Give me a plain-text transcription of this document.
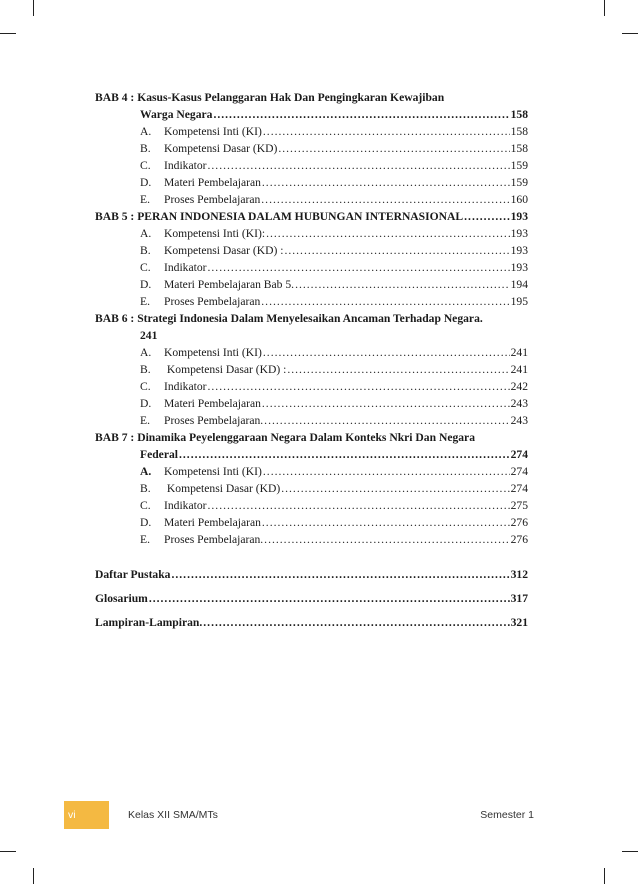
BAB 4 : Kasus-Kasus Pelanggaran Hak Dan Pengingkaran Kewajiban
Warga Negara .....	158
A. Kompetensi Inti (KI) .....	158
B. Kompetensi Dasar (KD) .....	158
C. Indikator .....	159
D. Materi Pembelajaran .....	159
E. Proses Pembelajaran .....	160
BAB 5 : PERAN INDONESIA DALAM HUBUNGAN INTERNASIONAL .....	193
A. Kompetensi Inti (KI): .....	193
B. Kompetensi Dasar (KD) : .....	193
C. Indikator .....	193
D. Materi Pembelajaran Bab 5. .....	194
E. Proses Pembelajaran .....	195
BAB 6 : Strategi Indonesia Dalam Menyelesaikan Ancaman Terhadap Negara.
241
A. Kompetensi Inti (KI) .....	241
B. Kompetensi Dasar (KD) : .....	241
C. Indikator .....	242
D. Materi Pembelajaran .....	243
E. Proses Pembelajaran. .....	243
BAB 7 : Dinamika Peyelenggaraan Negara Dalam Konteks Nkri Dan Negara
Federal .....	274
A. Kompetensi Inti (KI) .....	274
B. Kompetensi Dasar (KD) .....	274
C. Indikator .....	275
D. Materi Pembelajaran .....	276
E. Proses Pembelajaran. .....	276
Daftar Pustaka .....	312
Glosarium .....	317
Lampiran-Lampiran. .....	321
vi	Kelas XII SMA/MTs	Semester 1
